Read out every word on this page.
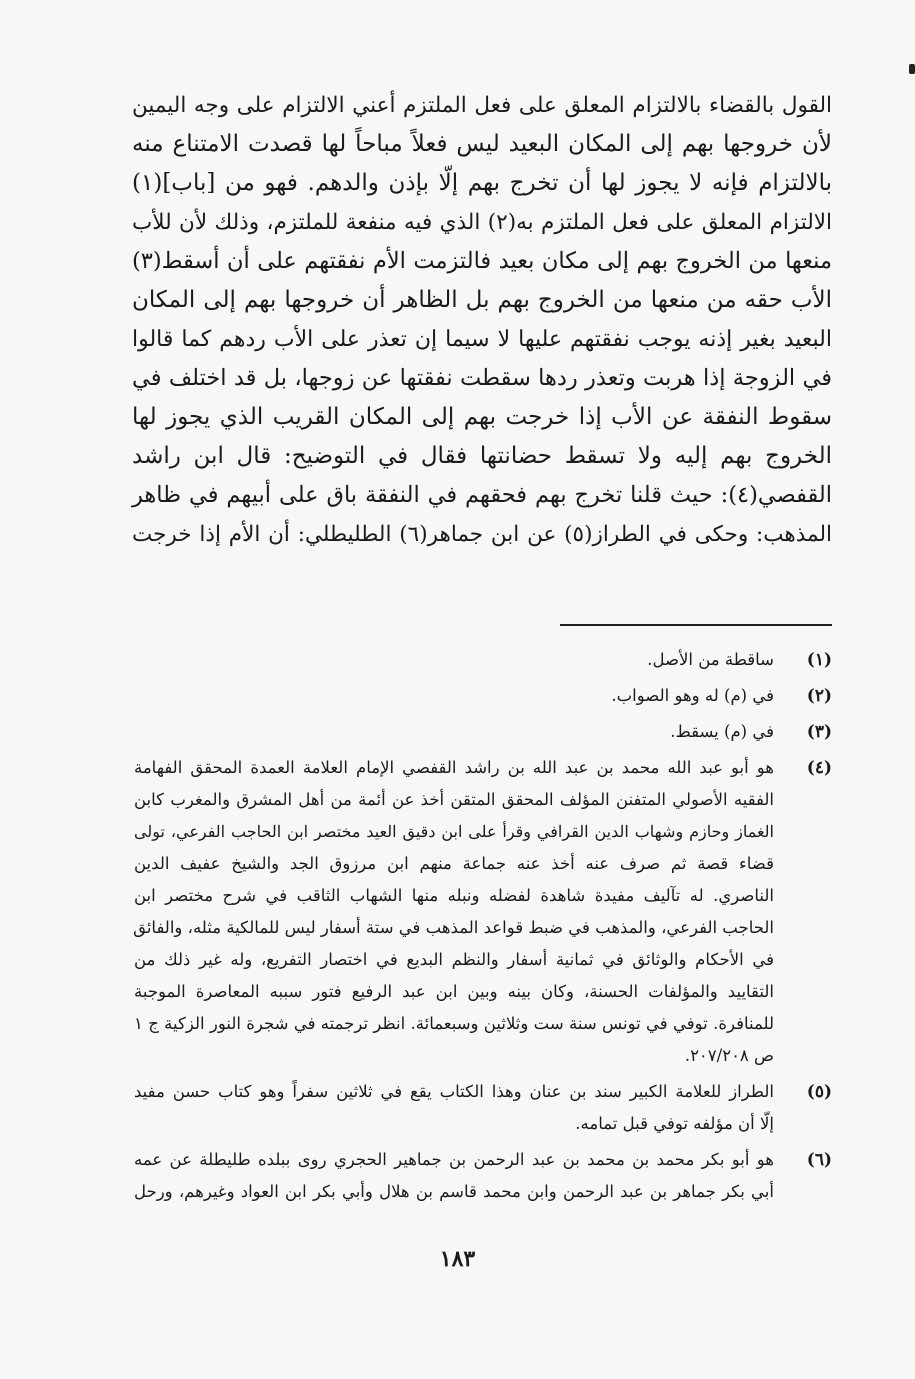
القول بالقضاء بالالتزام المعلق على فعل الملتزم أعني الالتزام على وجه اليمين
لأن خروجها بهم إلى المكان البعيد ليس فعلاً مباحاً لها قصدت الامتناع منه
بالالتزام فإنه لا يجوز لها أن تخرج بهم إلّا بإذن والدهم. فهو من [باب](١)
الالتزام المعلق على فعل الملتزم به(٢) الذي فيه منفعة للملتزم، وذلك لأن للأب
منعها من الخروج بهم إلى مكان بعيد فالتزمت الأم نفقتهم على أن أسقط(٣)
الأب حقه من منعها من الخروج بهم بل الظاهر أن خروجها بهم إلى المكان
البعيد بغير إذنه يوجب نفقتهم عليها لا سيما إن تعذر على الأب ردهم كما قالوا
في الزوجة إذا هربت وتعذر ردها سقطت نفقتها عن زوجها، بل قد اختلف في
سقوط النفقة عن الأب إذا خرجت بهم إلى المكان القريب الذي يجوز لها
الخروج بهم إليه ولا تسقط حضانتها فقال في التوضيح: قال ابن راشد
القفصي(٤): حيث قلنا تخرج بهم فحقهم في النفقة باق على أبيهم في ظاهر
المذهب: وحكى في الطراز(٥) عن ابن جماهر(٦) الطليطلي: أن الأم إذا خرجت
(١)
ساقطة من الأصل.
(٢)
في (م) له وهو الصواب.
(٣)
في (م) يسقط.
(٤)
هو أبو عبد الله محمد بن عبد الله بن راشد القفصي الإمام العلامة العمدة المحقق الفهامة
الفقيه الأصولي المتفنن المؤلف المحقق المتقن أخذ عن أئمة من أهل المشرق والمغرب كابن
الغماز وحازم وشهاب الدين القرافي وقرأ على ابن دقيق العيد مختصر ابن الحاجب الفرعي، تولى
قضاء قصة ثم صرف عنه أخذ عنه جماعة منهم ابن مرزوق الجد والشيخ عفيف الدين
الناصري. له تآليف مفيدة شاهدة لفضله ونبله منها الشهاب الثاقب في شرح مختصر ابن
الحاجب الفرعي، والمذهب في ضبط قواعد المذهب في ستة أسفار ليس للمالكية مثله، والفائق
في الأحكام والوثائق في ثمانية أسفار والنظم البديع في اختصار التفريع، وله غير ذلك من
التقاييد والمؤلفات الحسنة، وكان بينه وبين ابن عبد الرفيع فتور سببه المعاصرة الموجبة
للمنافرة. توفي في تونس سنة ست وثلاثين وسبعمائة. انظر ترجمته في شجرة النور الزكية ج ١
ص ٢٠٧/٢٠٨.
(٥)
الطراز للعلامة الكبير سند بن عنان وهذا الكتاب يقع في ثلاثين سفراً وهو كتاب حسن مفيد
إلّا أن مؤلفه توفي قبل تمامه.
(٦)
هو أبو بكر محمد بن محمد بن عبد الرحمن بن جماهير الحجري روى ببلده طليطلة عن عمه
أبي بكر جماهر بن عبد الرحمن وابن محمد قاسم بن هلال وأبي بكر ابن العواد وغيرهم، ورحل
١٨٣
